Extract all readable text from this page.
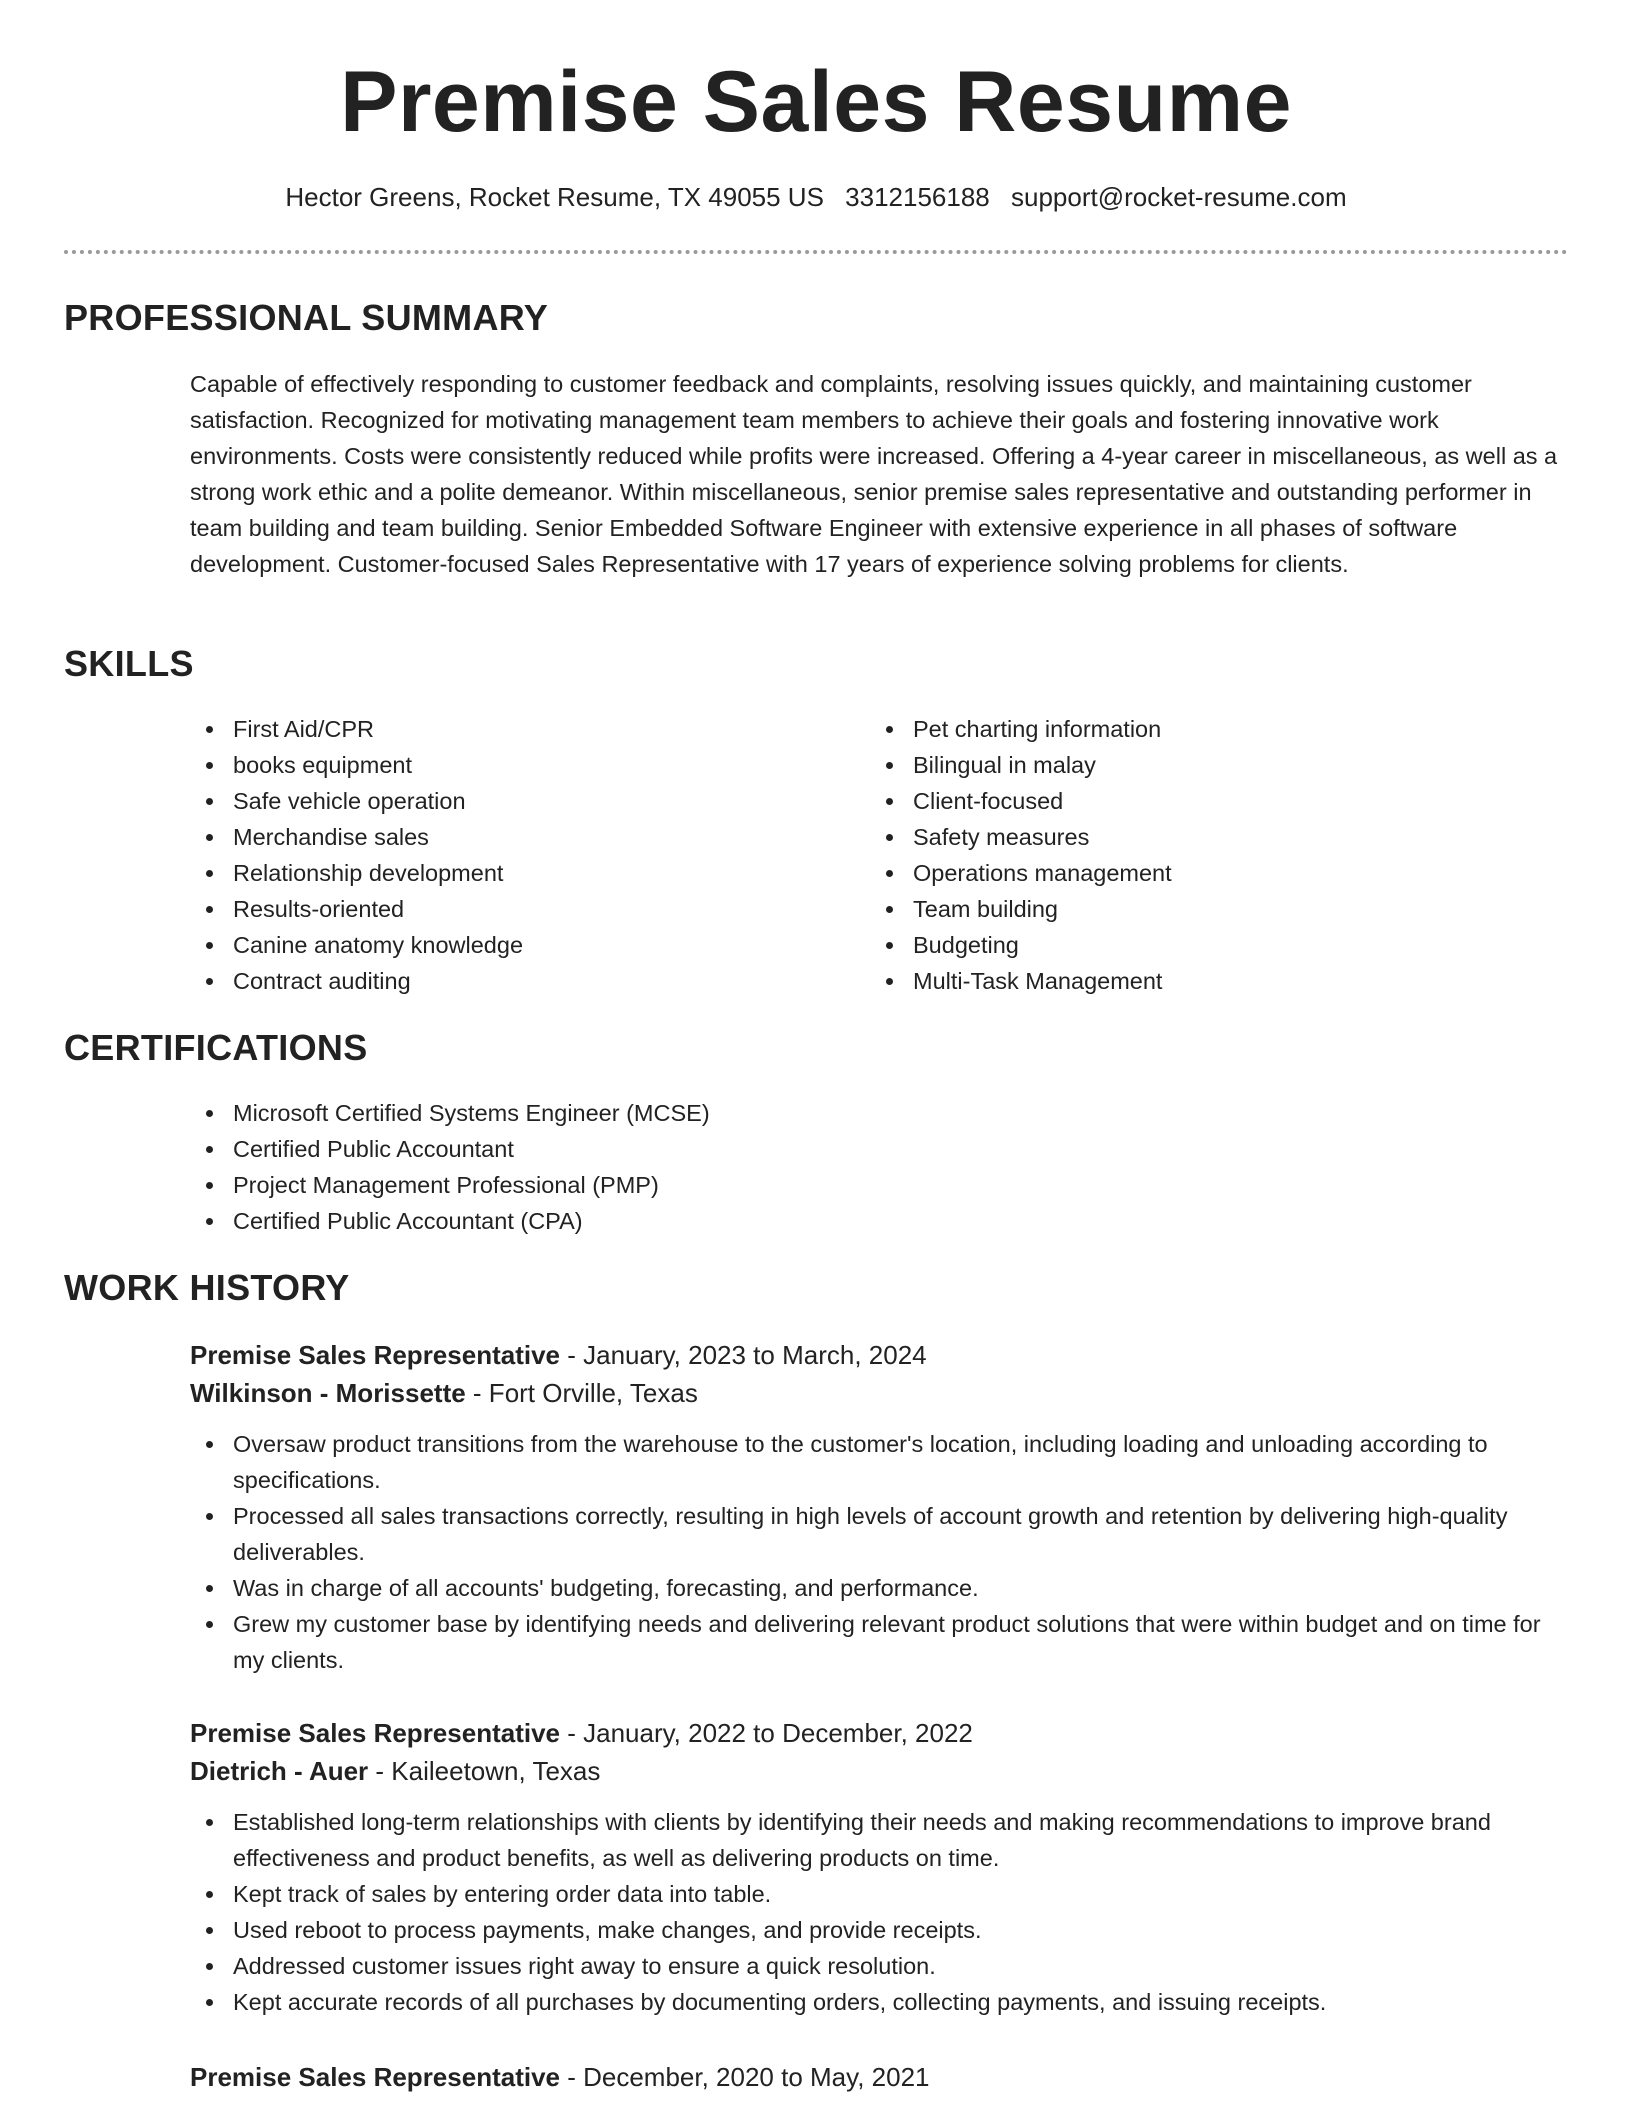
Premise Sales Resume
Hector Greens, Rocket Resume, TX 49055 US 3312156188 support@rocket-resume.com
PROFESSIONAL SUMMARY

Capable of effectively responding to customer feedback and complaints, resolving issues quickly, and maintaining customer satisfaction. Recognized for motivating management team members to achieve their goals and fostering innovative work environments. Costs were consistently reduced while profits were increased. Offering a 4-year career in miscellaneous, as well as a strong work ethic and a polite demeanor. Within miscellaneous, senior premise sales representative and outstanding performer in team building and team building. Senior Embedded Software Engineer with extensive experience in all phases of software development. Customer-focused Sales Representative with 17 years of experience solving problems for clients.

SKILLS
First Aid/CPR
books equipment
Safe vehicle operation
Merchandise sales
Relationship development
Results-oriented
Canine anatomy knowledge
Contract auditing
Pet charting information
Bilingual in malay
Client-focused
Safety measures
Operations management
Team building
Budgeting
Multi-Task Management
CERTIFICATIONS
Microsoft Certified Systems Engineer (MCSE)
Certified Public Accountant
Project Management Professional (PMP)
Certified Public Accountant (CPA)
WORK HISTORY
Premise Sales Representative - January, 2023 to March, 2024
Wilkinson - Morissette - Fort Orville, Texas
Oversaw product transitions from the warehouse to the customer's location, including loading and unloading according to specifications.
Processed all sales transactions correctly, resulting in high levels of account growth and retention by delivering high-quality deliverables.
Was in charge of all accounts' budgeting, forecasting, and performance.
Grew my customer base by identifying needs and delivering relevant product solutions that were within budget and on time for my clients.
Premise Sales Representative - January, 2022 to December, 2022
Dietrich - Auer - Kaileetown, Texas
Established long-term relationships with clients by identifying their needs and making recommendations to improve brand effectiveness and product benefits, as well as delivering products on time.
Kept track of sales by entering order data into table.
Used reboot to process payments, make changes, and provide receipts.
Addressed customer issues right away to ensure a quick resolution.
Kept accurate records of all purchases by documenting orders, collecting payments, and issuing receipts.
Premise Sales Representative - December, 2020 to May, 2021
